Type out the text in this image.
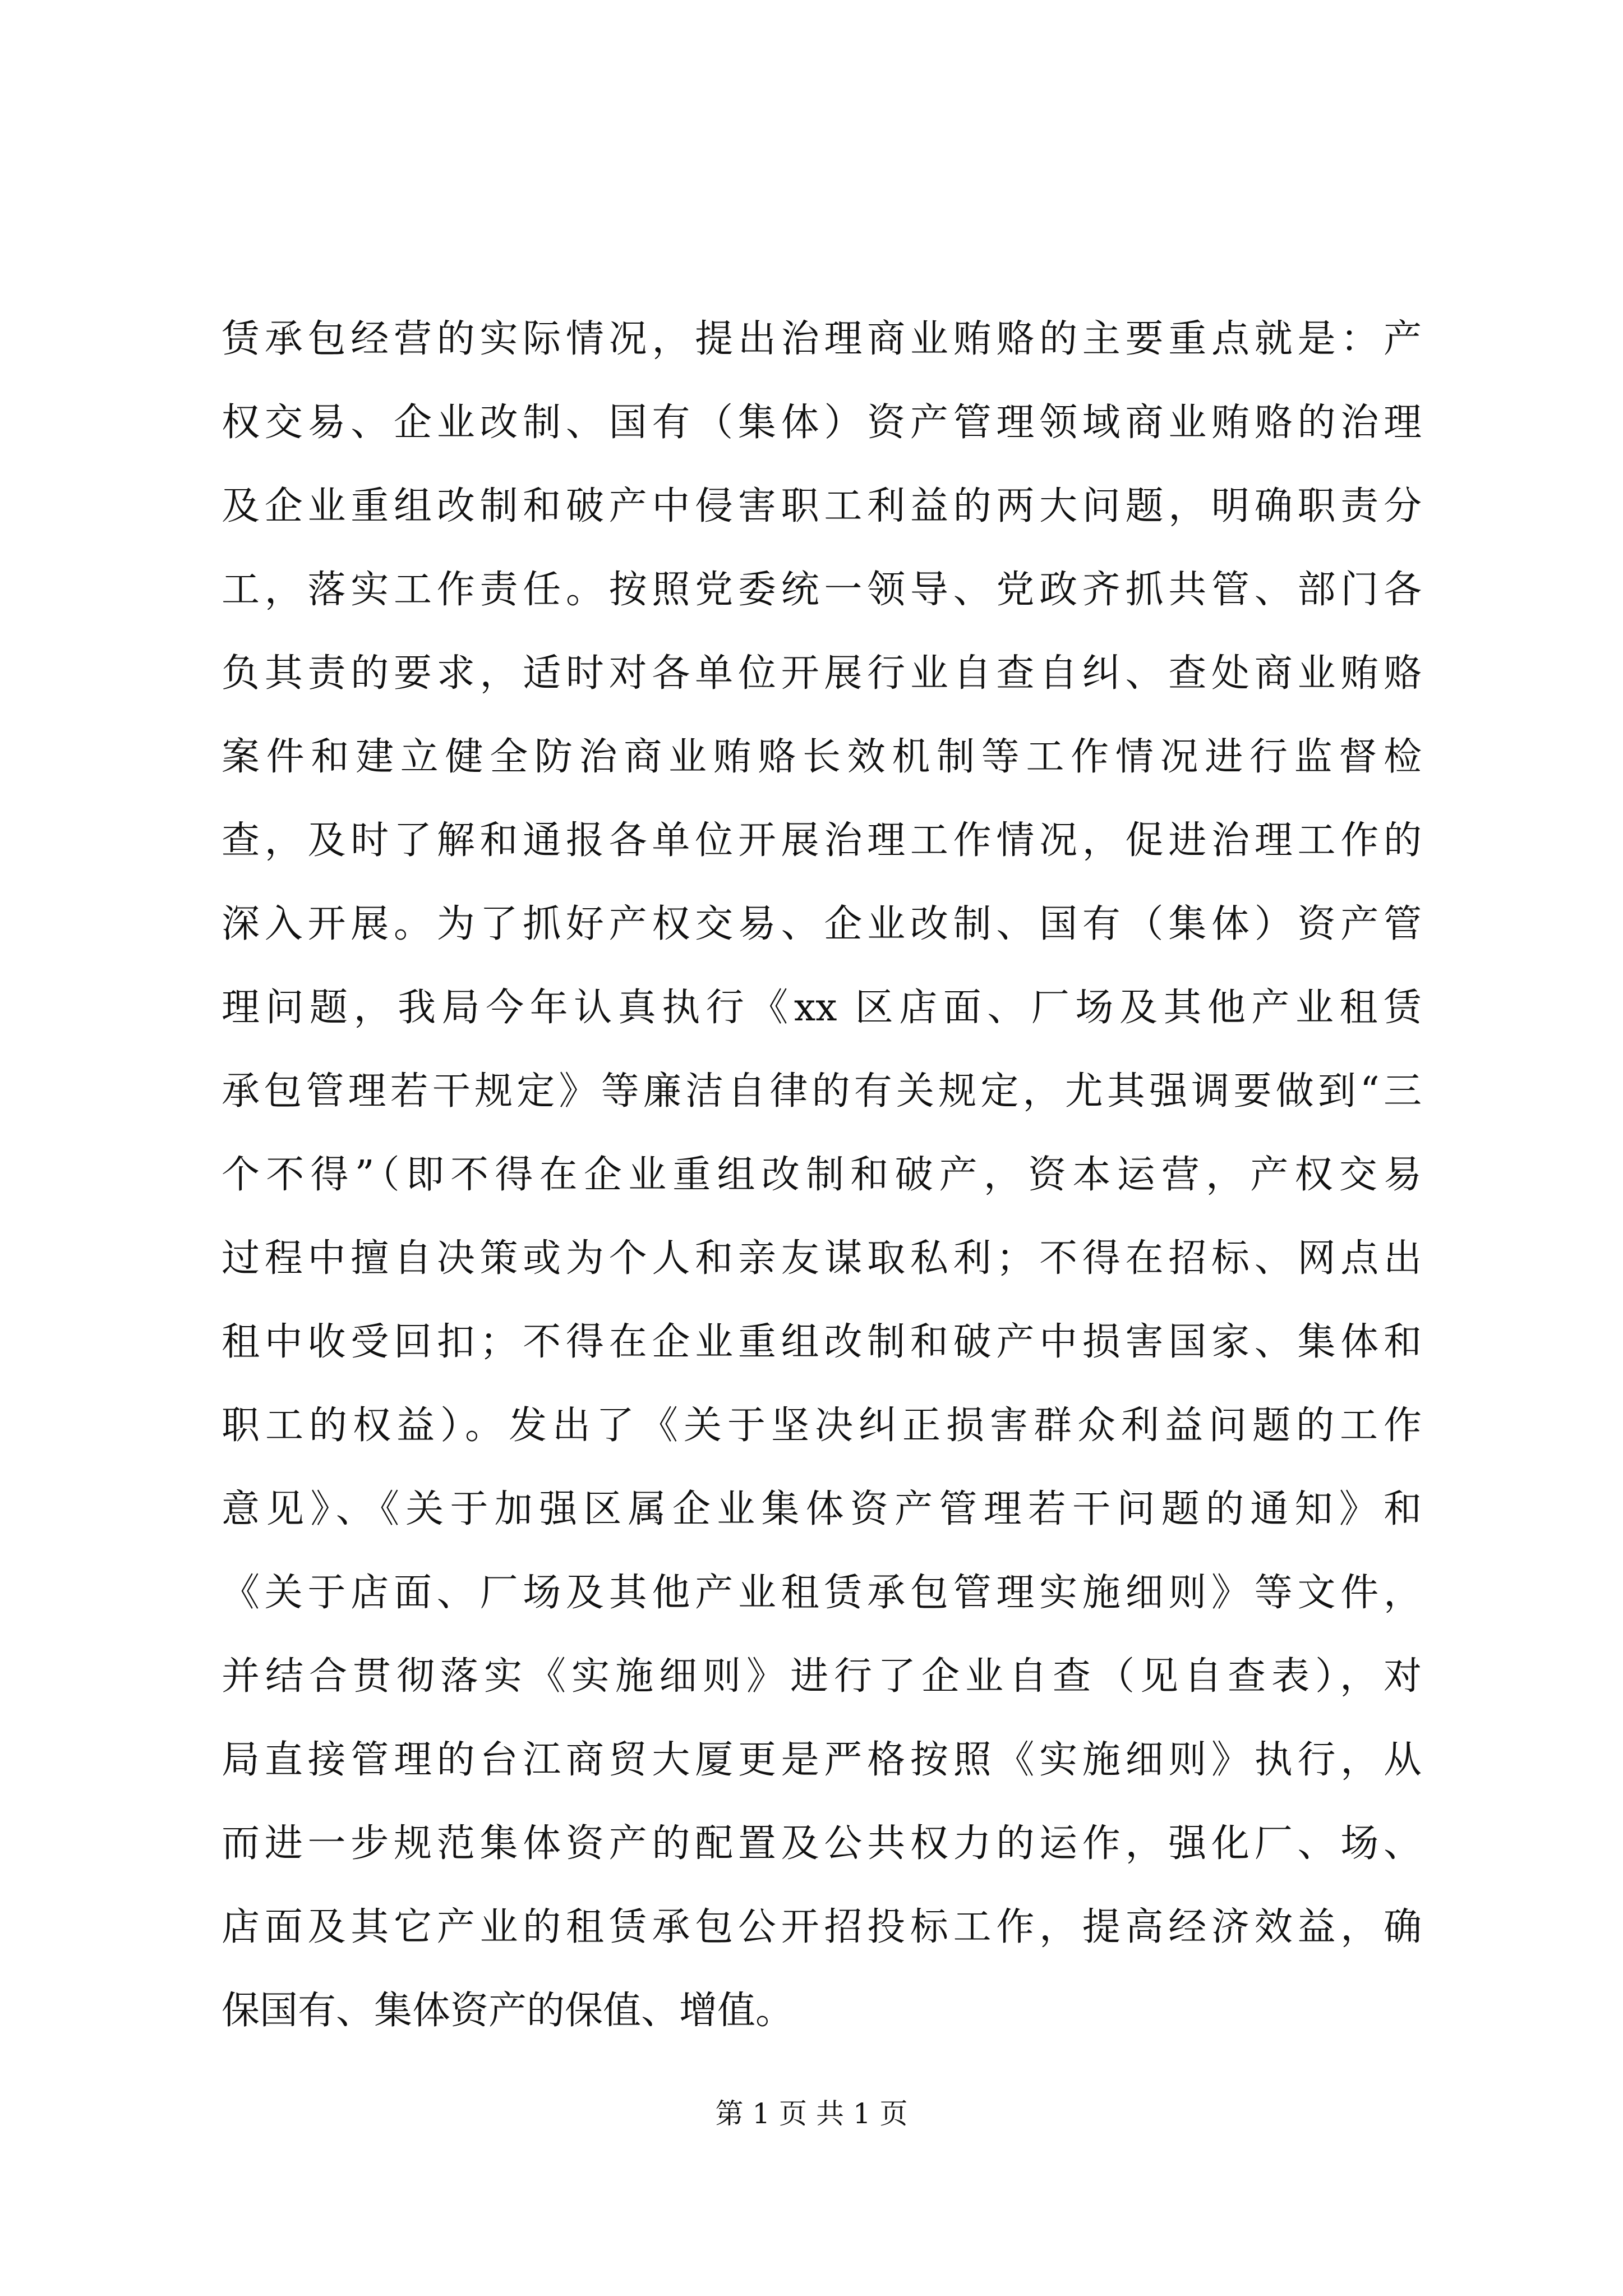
赁承包经营的实际情况，提出治理商业贿赂的主要重点就是：产
权交易、企业改制、国有（集体）资产管理领域商业贿赂的治理
及企业重组改制和破产中侵害职工利益的两大问题，明确职责分
工，落实工作责任。按照党委统一领导、党政齐抓共管、部门各
负其责的要求，适时对各单位开展行业自查自纠、查处商业贿赂
案件和建立健全防治商业贿赂长效机制等工作情况进行监督检
查，及时了解和通报各单位开展治理工作情况，促进治理工作的
深入开展。为了抓好产权交易、企业改制、国有（集体）资产管
理问题，我局今年认真执行《xx 区店面、厂场及其他产业租赁
承包管理若干规定》等廉洁自律的有关规定，尤其强调要做到“三
个不得”（即不得在企业重组改制和破产，资本运营，产权交易
过程中擅自决策或为个人和亲友谋取私利；不得在招标、网点出
租中收受回扣；不得在企业重组改制和破产中损害国家、集体和
职工的权益）。发出了《关于坚决纠正损害群众利益问题的工作
意见》、《关于加强区属企业集体资产管理若干问题的通知》和
《关于店面、厂场及其他产业租赁承包管理实施细则》等文件，
并结合贯彻落实《实施细则》进行了企业自查（见自查表），对
局直接管理的台江商贸大厦更是严格按照《实施细则》执行，从
而进一步规范集体资产的配置及公共权力的运作，强化厂、场、
店面及其它产业的租赁承包公开招投标工作，提高经济效益，确
保国有、集体资产的保值、增值。
第 1 页 共 1 页
